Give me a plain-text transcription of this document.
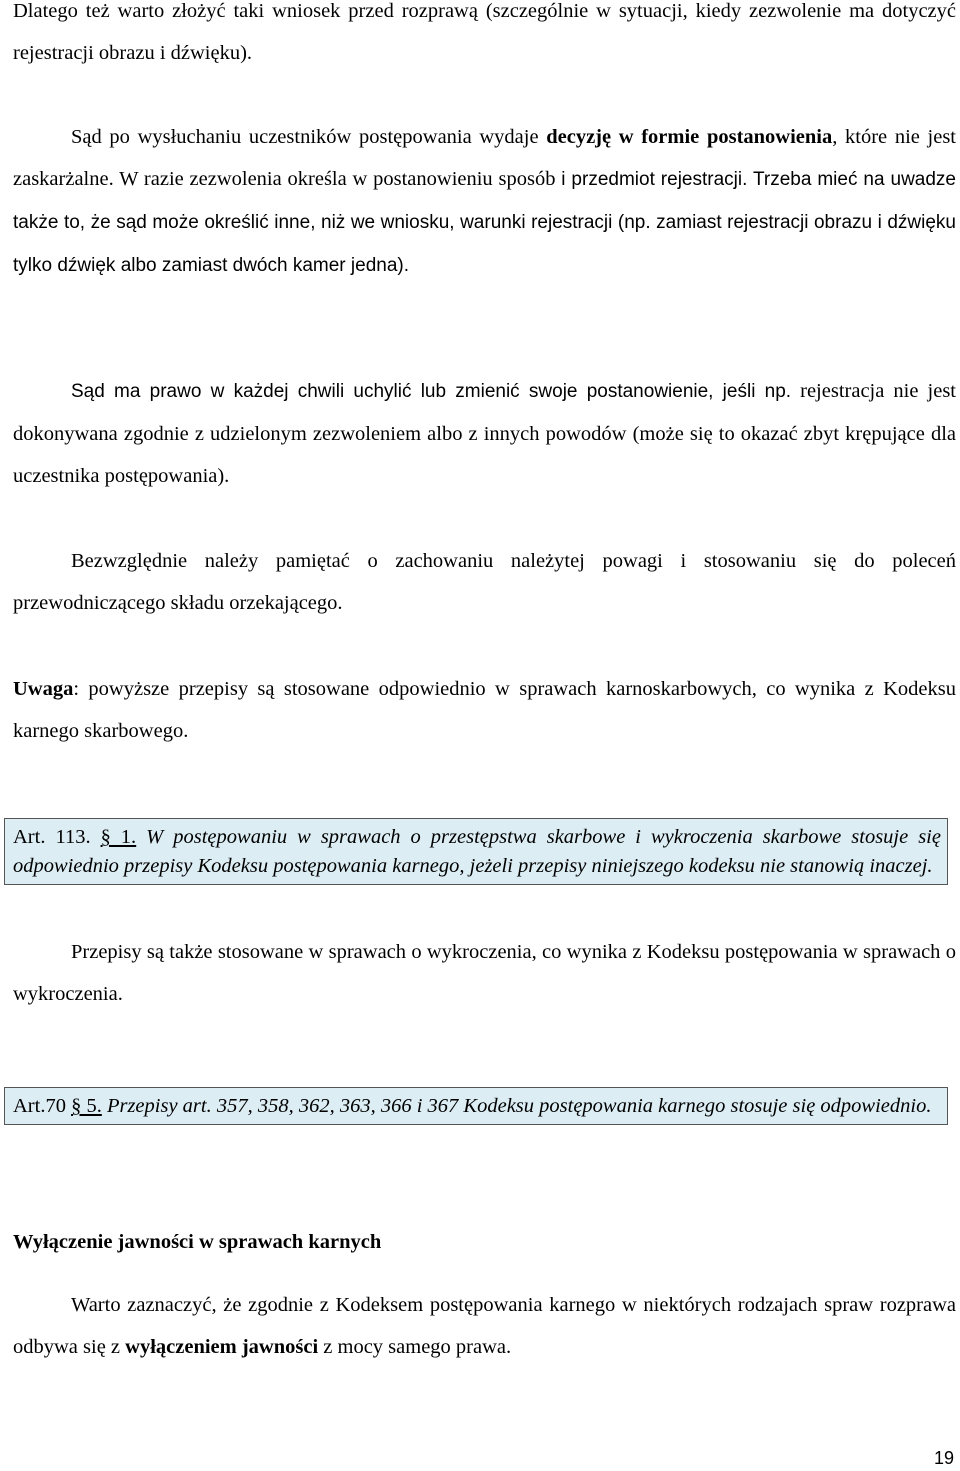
Dlatego też warto złożyć taki wniosek przed rozprawą (szczególnie w sytuacji, kiedy zezwolenie ma dotyczyć rejestracji obrazu i dźwięku).

Sąd po wysłuchaniu uczestników postępowania wydaje decyzję w formie postanowienia, które nie jest zaskarżalne. W razie zezwolenia określa w postanowieniu sposób i przedmiot rejestracji. Trzeba mieć na uwadze także to, że sąd może określić inne, niż we wniosku, warunki rejestracji (np. zamiast rejestracji obrazu i dźwięku tylko dźwięk albo zamiast dwóch kamer jedna).

Sąd ma prawo w każdej chwili uchylić lub zmienić swoje postanowienie, jeśli np. rejestracja nie jest dokonywana zgodnie z udzielonym zezwoleniem albo z innych powodów (może się to okazać zbyt krępujące dla uczestnika postępowania).

Bezwzględnie należy pamiętać o zachowaniu należytej powagi i stosowaniu się do poleceń przewodniczącego składu orzekającego.

Uwaga: powyższe przepisy są stosowane odpowiednio w sprawach karnoskarbowych, co wynika z Kodeksu karnego skarbowego.

Art. 113. § 1. W postępowaniu w sprawach o przestępstwa skarbowe i wykroczenia skarbowe stosuje się odpowiednio przepisy Kodeksu postępowania karnego, jeżeli przepisy niniejszego kodeksu nie stanowią inaczej.

Przepisy są także stosowane w sprawach o wykroczenia, co wynika z Kodeksu postępowania w sprawach o wykroczenia.

Art.70 § 5. Przepisy art. 357, 358, 362, 363, 366 i 367 Kodeksu postępowania karnego stosuje się odpowiednio.
Wyłączenie jawności w sprawach karnych

Warto zaznaczyć, że zgodnie z Kodeksem postępowania karnego w niektórych rodzajach spraw rozprawa odbywa się z wyłączeniem jawności z mocy samego prawa.

19
